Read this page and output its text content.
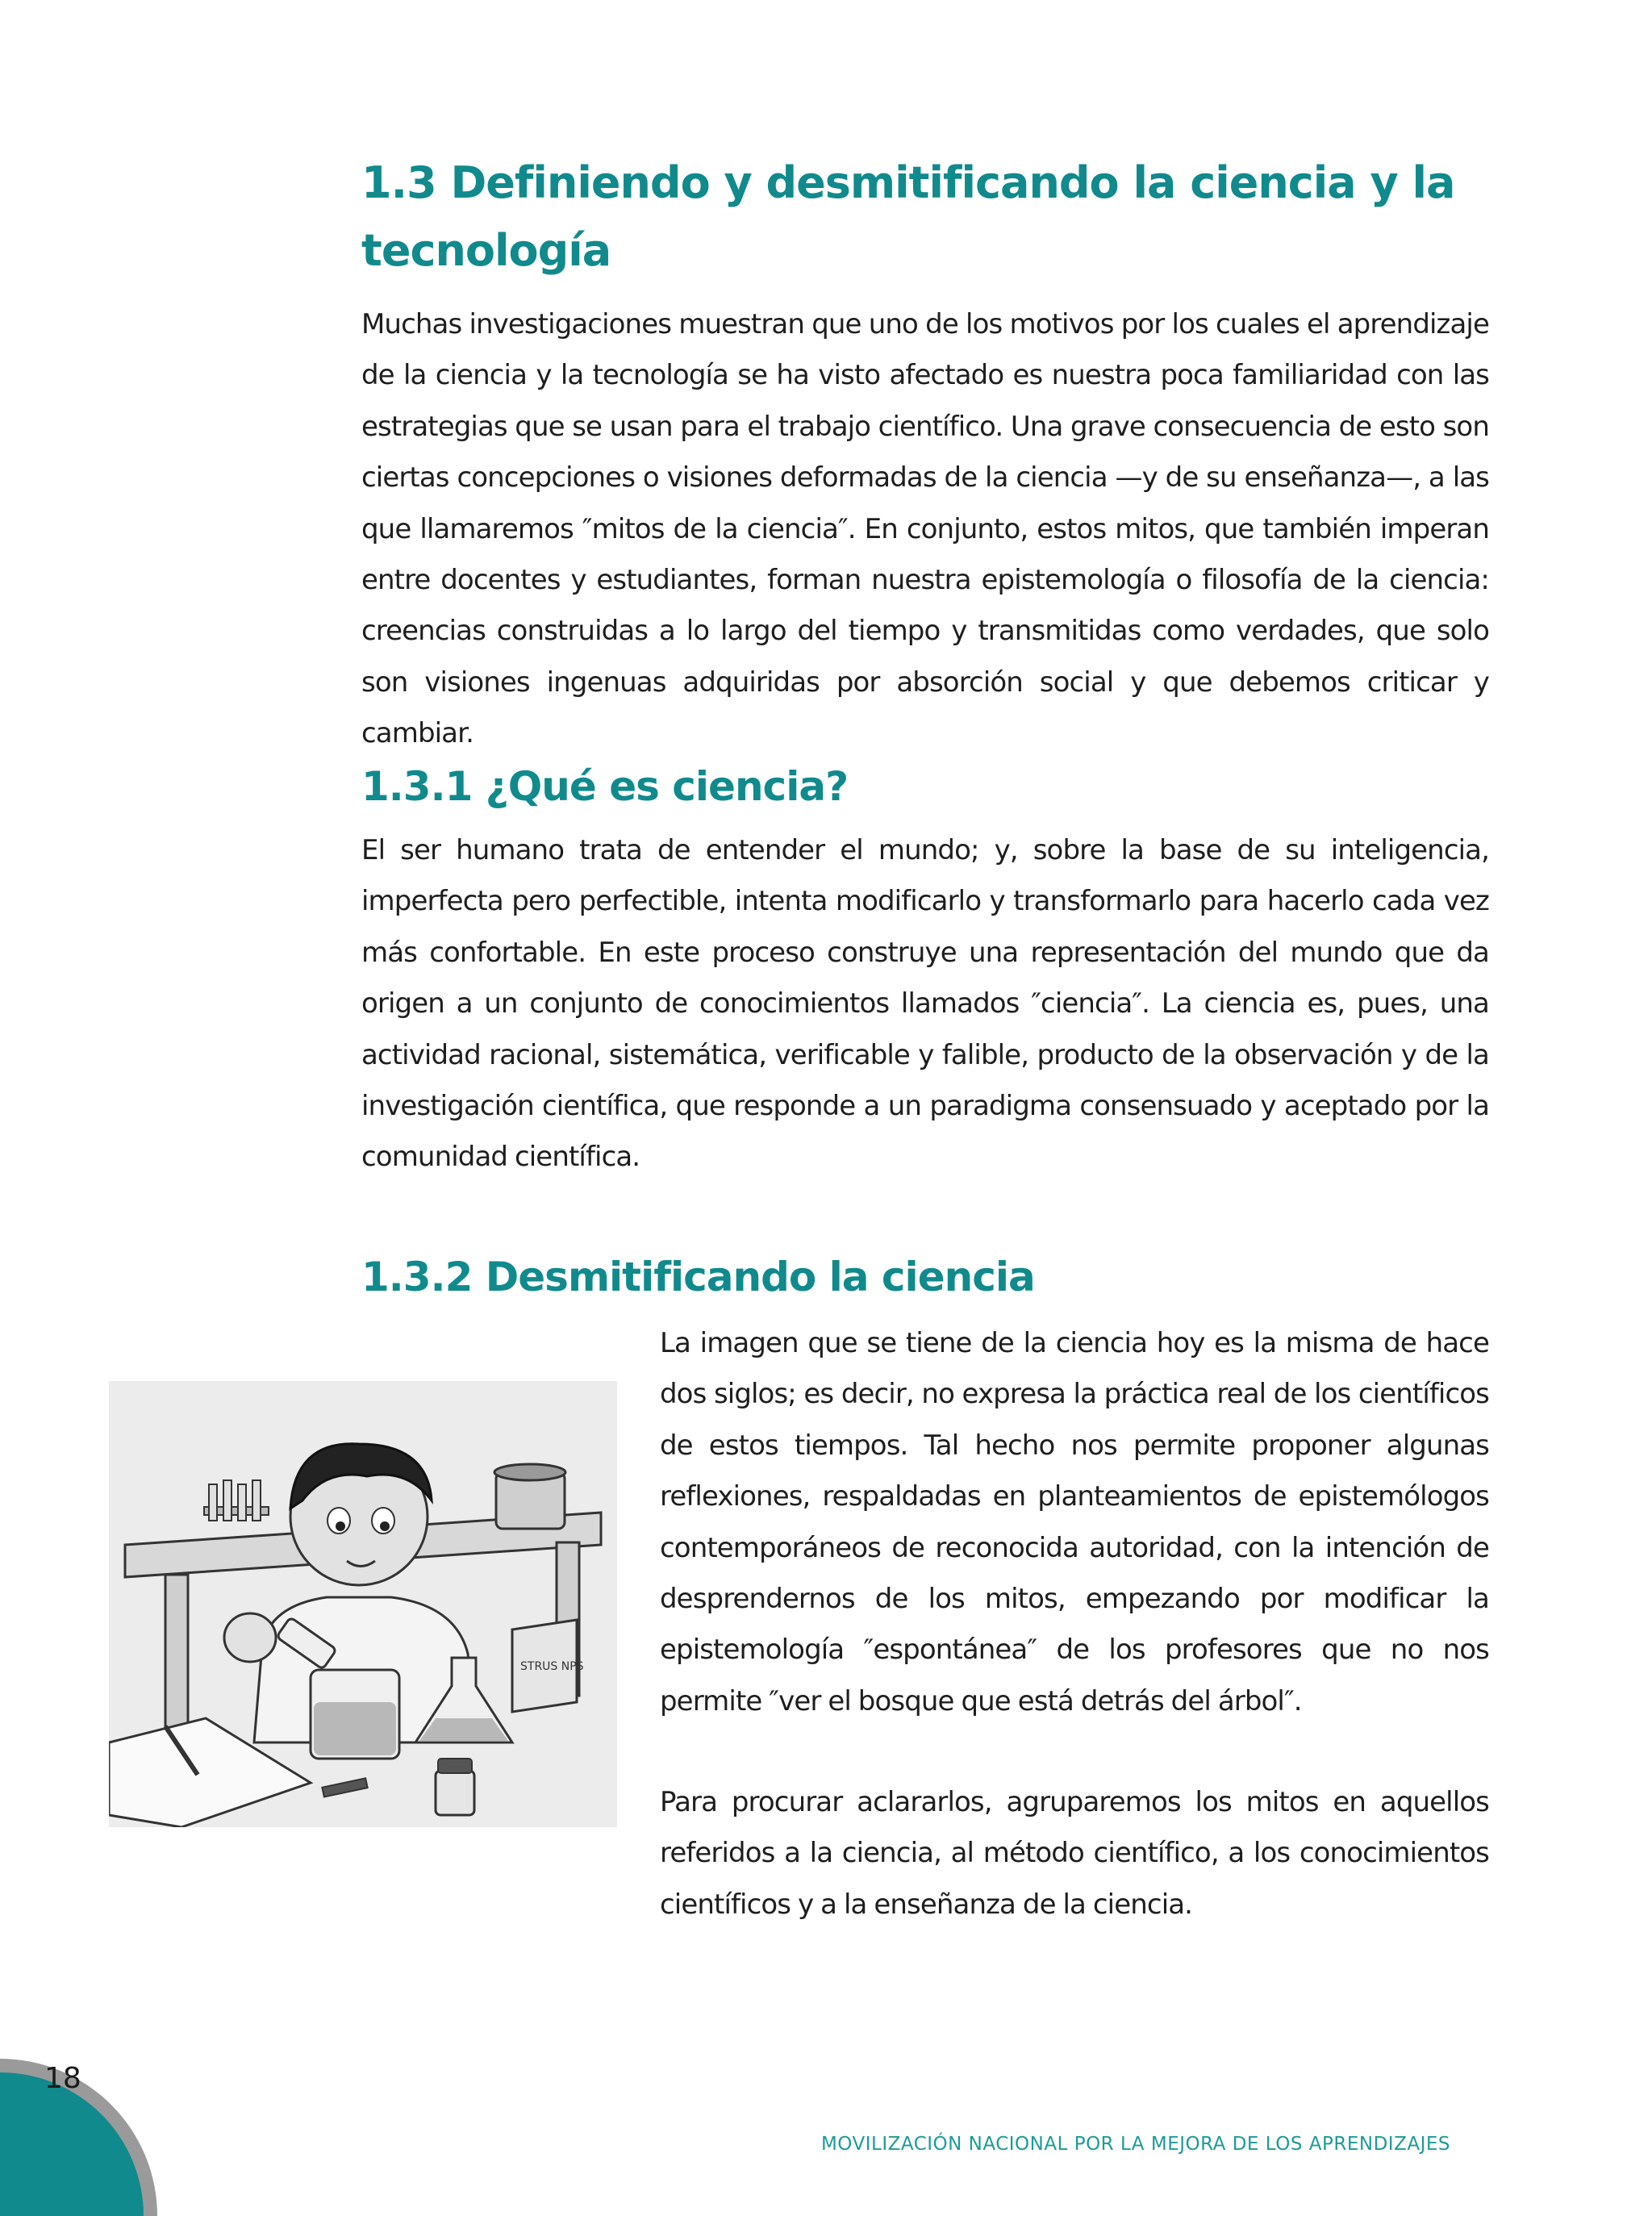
1.3 Definiendo y desmitificando la ciencia y la tecnología

Muchas investigaciones muestran que uno de los motivos por los cuales el aprendizaje de la ciencia y la tecnología se ha visto afectado es nuestra poca familiaridad con las estrategias que se usan para el trabajo científico. Una grave consecuencia de esto son ciertas concepciones o visiones deformadas de la ciencia —y de su enseñanza—, a las que llamaremos ″mitos de la ciencia″. En conjunto, estos mitos, que también imperan entre docentes y estudiantes, forman nuestra epistemología o filosofía de la ciencia: creencias construidas a lo largo del tiempo y transmitidas como verdades, que solo son visiones ingenuas adquiridas por absorción social y que debemos criticar y cambiar.

1.3.1 ¿Qué es ciencia?

El ser humano trata de entender el mundo; y, sobre la base de su inteligencia, imperfecta pero perfectible, intenta modificarlo y transformarlo para hacerlo cada vez más confortable. En este proceso construye una representación del mundo que da origen a un conjunto de conocimientos llamados ″ciencia″. La ciencia es, pues, una actividad racional, sistemática, verificable y falible, producto de la observación y de la investigación científica, que responde a un paradigma consensuado y aceptado por la comunidad científica.

1.3.2 Desmitificando la ciencia

La imagen que se tiene de la ciencia hoy es la misma de hace dos siglos; es decir, no expresa la práctica real de los científicos de estos tiempos. Tal hecho nos permite proponer algunas reflexiones, respaldadas en planteamientos de epistemólogos contemporáneos de reconocida autoridad, con la intención de desprendernos de los mitos, empezando por modificar la epistemología ″espontánea″ de los profesores que no nos permite ″ver el bosque que está detrás del árbol″.

Para procurar aclararlos, agruparemos los mitos en aquellos referidos a la ciencia, al método científico, a los conocimientos científicos y a la enseñanza de la ciencia.

STRUS NPS
18
MOVILIZACIÓN NACIONAL POR LA MEJORA DE LOS APRENDIZAJES
